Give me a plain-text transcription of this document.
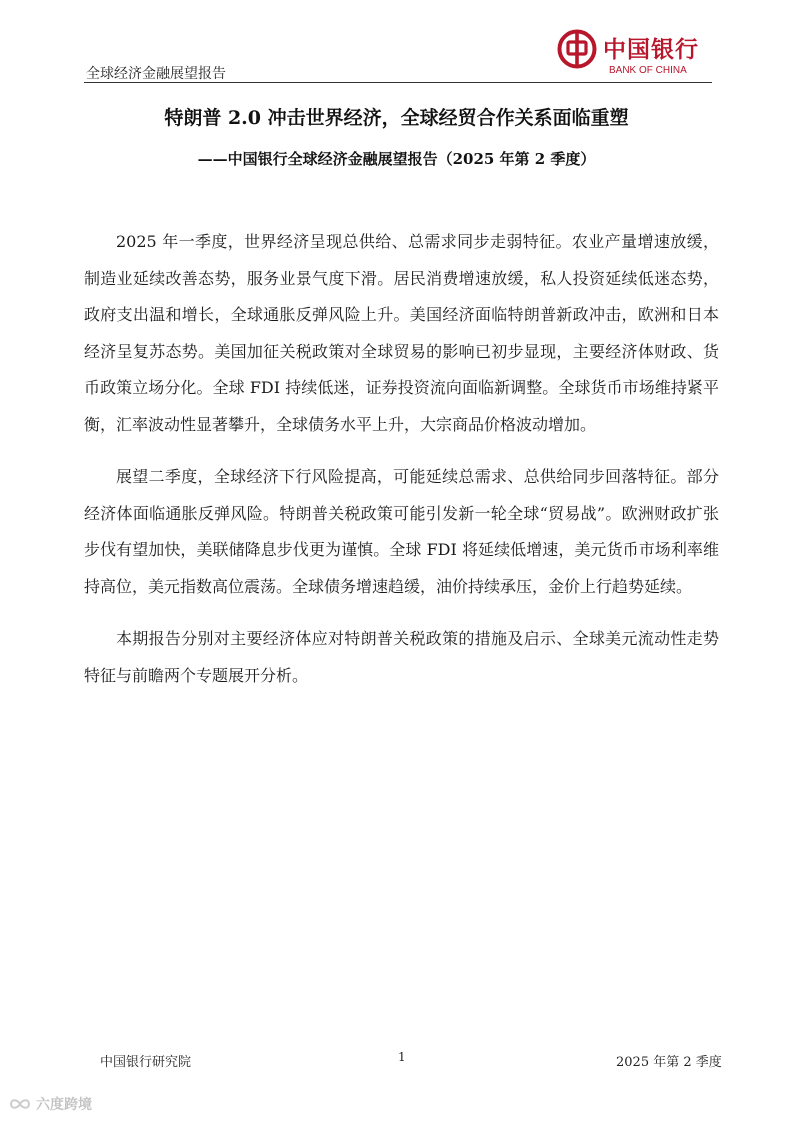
全球经济金融展望报告
中国银行
BANK OF CHINA
特朗普 2.0 冲击世界经济，全球经贸合作关系面临重塑
——中国银行全球经济金融展望报告（2025 年第 2 季度）

2025 年一季度，世界经济呈现总供给、总需求同步走弱特征。农业产量增速放缓，制造业延续改善态势，服务业景气度下滑。居民消费增速放缓，私人投资延续低迷态势，政府支出温和增长，全球通胀反弹风险上升。美国经济面临特朗普新政冲击，欧洲和日本经济呈复苏态势。美国加征关税政策对全球贸易的影响已初步显现，主要经济体财政、货币政策立场分化。全球 FDI 持续低迷，证券投资流向面临新调整。全球货币市场维持紧平衡，汇率波动性显著攀升，全球债务水平上升，大宗商品价格波动增加。

展望二季度，全球经济下行风险提高，可能延续总需求、总供给同步回落特征。部分经济体面临通胀反弹风险。特朗普关税政策可能引发新一轮全球“贸易战”。欧洲财政扩张步伐有望加快，美联储降息步伐更为谨慎。全球 FDI 将延续低增速，美元货币市场利率维持高位，美元指数高位震荡。全球债务增速趋缓，油价持续承压，金价上行趋势延续。

本期报告分别对主要经济体应对特朗普关税政策的措施及启示、全球美元流动性走势特征与前瞻两个专题展开分析。

中国银行研究院	1	2025 年第 2 季度
六度跨境
